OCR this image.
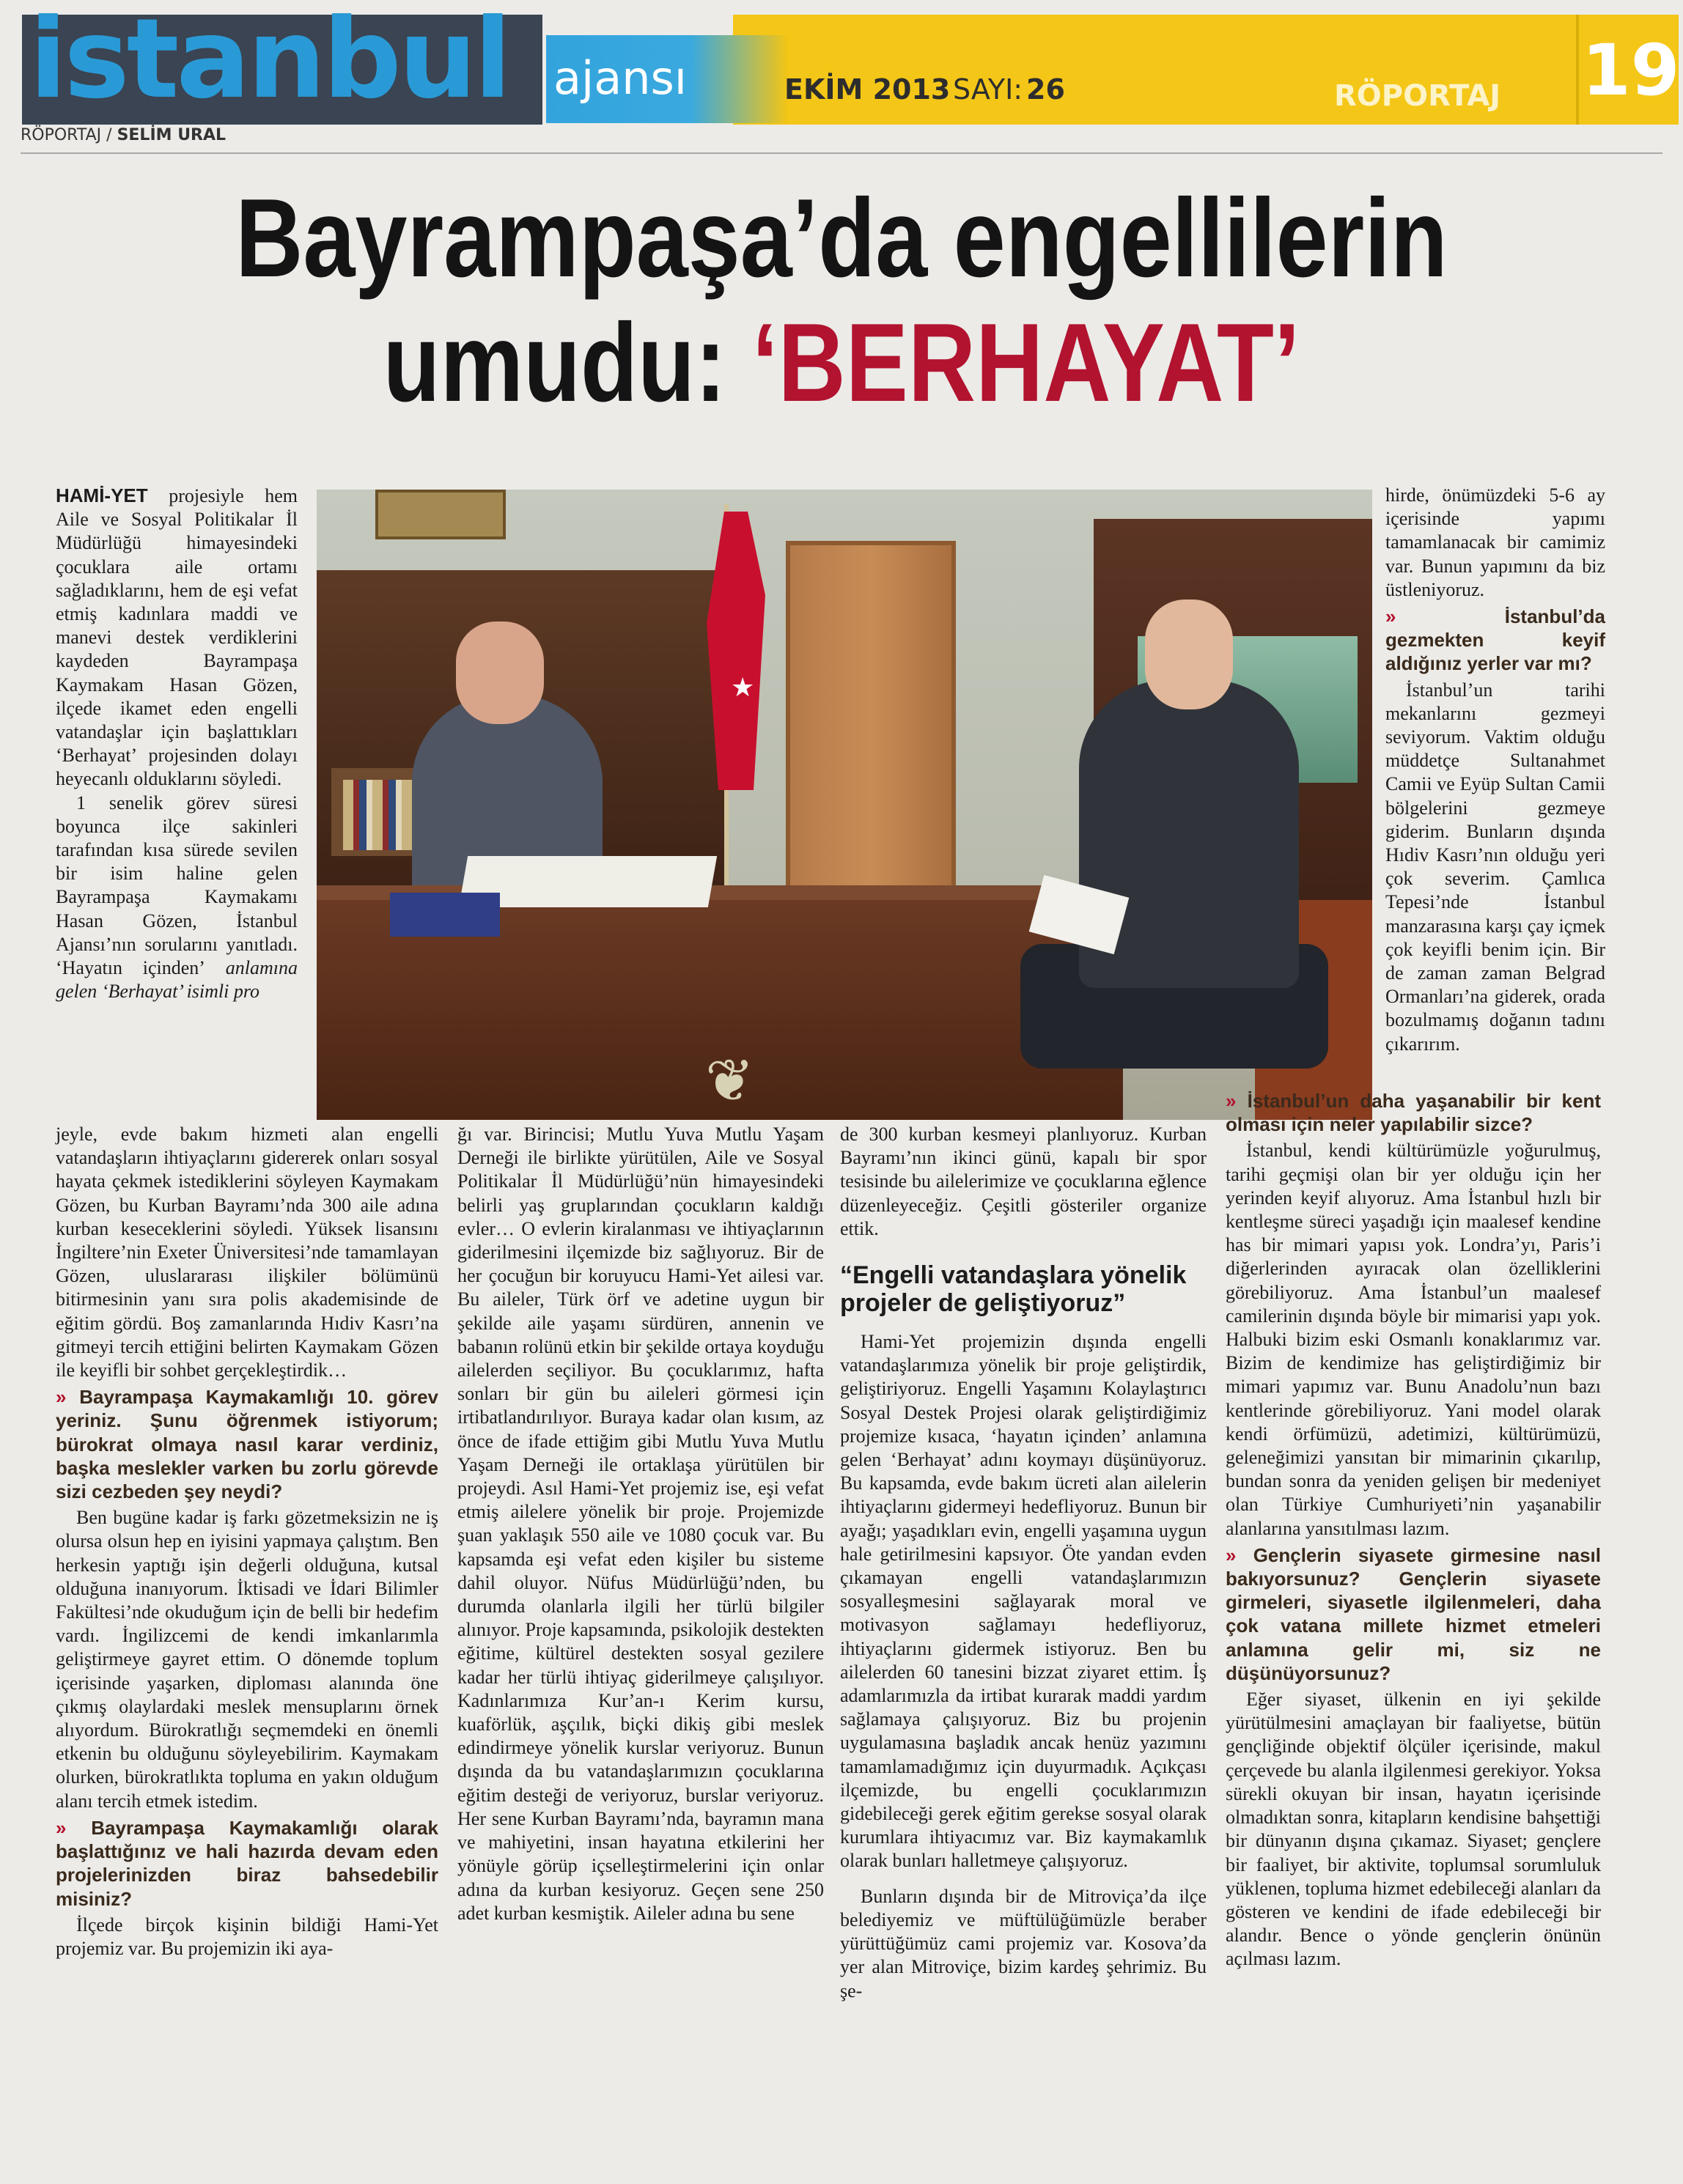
istanbul ajansı	EKİM 2013 SAYI: 26	RÖPORTAJ 19
RÖPORTAJ / SELİM URAL
Bayrampaşa’da engellilerin
umudu: ‘BERHAYAT’
★
❦

HAMİ-YET projesiyle hem Aile ve Sosyal Politikalar İl Müdürlüğü himayesindeki çocuklara aile ortamı sağladıklarını, hem de eşi vefat etmiş kadınlara maddi ve manevi destek verdiklerini kaydeden Bayrampaşa Kaymakam Hasan Gözen, ilçede ikamet eden engelli vatandaşlar için başlattıkları ‘Berhayat’ projesinden dolayı heyecanlı olduklarını söyledi.

1 senelik görev süresi boyunca ilçe sakinleri tarafından kısa sürede sevilen bir isim haline gelen Bayrampaşa Kaymakamı Hasan Gözen, İstanbul Ajansı’nın sorularını yanıtladı. ‘Hayatın içinden’ anlamına gelen ‘Berhayat’ isimli pro

jeyle, evde bakım hizmeti alan engelli vatandaşların ihtiyaçlarını gidererek onları sosyal hayata çekmek istediklerini söyleyen Kaymakam Gözen, bu Kurban Bayramı’nda 300 aile adına kurban keseceklerini söyledi. Yüksek lisansını İngiltere’nin Exeter Üniversitesi’nde tamamlayan Gözen, uluslararası ilişkiler bölümünü bitirmesinin yanı sıra polis akademisinde de eğitim gördü. Boş zamanlarında Hıdiv Kasrı’na gitmeyi tercih ettiğini belirten Kaymakam Gözen ile keyifli bir sohbet gerçekleştirdik…

» Bayrampaşa Kaymakamlığı 10. görev yeriniz. Şunu öğrenmek istiyorum; bürokrat olmaya nasıl karar verdiniz, başka meslekler varken bu zorlu görevde sizi cezbeden şey neydi?

Ben bugüne kadar iş farkı gözetmeksizin ne iş olursa olsun hep en iyisini yapmaya çalıştım. Ben herkesin yaptığı işin değerli olduğuna, kutsal olduğuna inanıyorum. İktisadi ve İdari Bilimler Fakültesi’nde okuduğum için de belli bir hedefim vardı. İngilizcemi de kendi imkanlarımla geliştirmeye gayret ettim. O dönemde toplum içerisinde yaşarken, diploması alanında öne çıkmış olaylardaki meslek mensuplarını örnek alıyordum. Bürokratlığı seçmemdeki en önemli etkenin bu olduğunu söyleyebilirim. Kaymakam olurken, bürokratlıkta topluma en yakın olduğum alanı tercih etmek istedim.

» Bayrampaşa Kaymakamlığı olarak başlattığınız ve hali hazırda devam eden projelerinizden biraz bahsedebilir misiniz?

İlçede birçok kişinin bildiği Hami-Yet projemiz var. Bu projemizin iki aya-

ğı var. Birincisi; Mutlu Yuva Mutlu Yaşam Derneği ile birlikte yürütülen, Aile ve Sosyal Politikalar İl Müdürlüğü’nün himayesindeki belirli yaş gruplarından çocukların kaldığı evler… O evlerin kiralanması ve ihtiyaçlarının giderilmesini ilçemizde biz sağlıyoruz. Bir de her çocuğun bir koruyucu Hami-Yet ailesi var. Bu aileler, Türk örf ve adetine uygun bir şekilde aile yaşamı sürdüren, annenin ve babanın rolünü etkin bir şekilde ortaya koyduğu ailelerden seçiliyor. Bu çocuklarımız, hafta sonları bir gün bu aileleri görmesi için irtibatlandırılıyor. Buraya kadar olan kısım, az önce de ifade ettiğim gibi Mutlu Yuva Mutlu Yaşam Derneği ile ortaklaşa yürütülen bir projeydi. Asıl Hami-Yet projemiz ise, eşi vefat etmiş ailelere yönelik bir proje. Projemizde şuan yaklaşık 550 aile ve 1080 çocuk var. Bu kapsamda eşi vefat eden kişiler bu sisteme dahil oluyor. Nüfus Müdürlüğü’nden, bu durumda olanlarla ilgili her türlü bilgiler alınıyor. Proje kapsamında, psikolojik destekten eğitime, kültürel destekten sosyal gezilere kadar her türlü ihtiyaç giderilmeye çalışılıyor. Kadınlarımıza Kur’an-ı Kerim kursu, kuaförlük, aşçılık, biçki dikiş gibi meslek edindirmeye yönelik kurslar veriyoruz. Bunun dışında da bu vatandaşlarımızın çocuklarına eğitim desteği de veriyoruz, burslar veriyoruz. Her sene Kurban Bayramı’nda, bayramın mana ve mahiyetini, insan hayatına etkilerini her yönüyle görüp içselleştirmelerini için onlar adına da kurban kesiyoruz. Geçen sene 250 adet kurban kesmiştik. Aileler adına bu sene

de 300 kurban kesmeyi planlıyoruz. Kurban Bayramı’nın ikinci günü, kapalı bir spor tesisinde bu ailelerimize ve çocuklarına eğlence düzenleyeceğiz. Çeşitli gösteriler organize ettik.

“Engelli vatandaşlara yönelik projeler de geliştiyoruz”

Hami-Yet projemizin dışında engelli vatandaşlarımıza yönelik bir proje geliştirdik, geliştiriyoruz. Engelli Yaşamını Kolaylaştırıcı Sosyal Destek Projesi olarak geliştirdiğimiz projemize kısaca, ‘hayatın içinden’ anlamına gelen ‘Berhayat’ adını koymayı düşünüyoruz. Bu kapsamda, evde bakım ücreti alan ailelerin ihtiyaçlarını gidermeyi hedefliyoruz. Bunun bir ayağı; yaşadıkları evin, engelli yaşamına uygun hale getirilmesini kapsıyor. Öte yandan evden çıkamayan engelli vatandaşlarımızın sosyalleşmesini sağlayarak moral ve motivasyon sağlamayı hedefliyoruz, ihtiyaçlarını gidermek istiyoruz. Ben bu ailelerden 60 tanesini bizzat ziyaret ettim. İş adamlarımızla da irtibat kurarak maddi yardım sağlamaya çalışıyoruz. Biz bu projenin uygulamasına başladık ancak henüz yazımını tamamlamadığımız için duyurmadık. Açıkçası ilçemizde, bu engelli çocuklarımızın gidebileceği gerek eğitim gerekse sosyal olarak kurumlara ihtiyacımız var. Biz kaymakamlık olarak bunları halletmeye çalışıyoruz.

Bunların dışında bir de Mitroviça’da ilçe belediyemiz ve müftülüğümüzle beraber yürüttüğümüz cami projemiz var. Kosova’da yer alan Mitroviçe, bizim kardeş şehrimiz. Bu şe-

hirde, önümüzdeki 5-6 ay içerisinde yapımı tamamlanacak bir camimiz var. Bunun yapımını da biz üstleniyoruz.

»	İstanbul’da gezmekten keyif aldığınız yerler var mı?

İstanbul’un tarihi mekanlarını gezmeyi seviyorum. Vaktim olduğu müddetçe Sultanahmet Camii ve Eyüp Sultan Camii bölgelerini gezmeye giderim. Bunların dışında Hıdiv Kasrı’nın olduğu yeri çok severim. Çamlıca Tepesi’nde İstanbul manzarasına karşı çay içmek çok keyifli benim için. Bir de zaman zaman Belgrad Ormanları’na giderek, orada bozulmamış doğanın tadını çıkarırım.

» İstanbul’un daha yaşanabilir bir kent olması için neler yapılabilir sizce?

İstanbul, kendi kültürümüzle yoğurulmuş, tarihi geçmişi olan bir yer olduğu için her yerinden keyif alıyoruz. Ama İstanbul hızlı bir kentleşme süreci yaşadığı için maalesef kendine has bir mimari yapısı yok. Londra’yı, Paris’i diğerlerinden ayıracak olan özelliklerini görebiliyoruz. Ama İstanbul’un maalesef camilerinin dışında böyle bir mimarisi yapı yok. Halbuki bizim eski Osmanlı konaklarımız var. Bizim de kendimize has geliştirdiğimiz bir mimari yapımız var. Bunu Anadolu’nun bazı kentlerinde görebiliyoruz. Yani model olarak kendi örfümüzü, adetimizi, kültürümüzü, geleneğimizi yansıtan bir mimarinin çıkarılıp, bundan sonra da yeniden gelişen bir medeniyet olan Türkiye Cumhuriyeti’nin yaşanabilir alanlarına yansıtılması lazım.

» Gençlerin siyasete girmesine nasıl bakıyorsunuz? Gençlerin siyasete girmeleri, siyasetle ilgilenmeleri, daha çok vatana millete hizmet etmeleri anlamına gelir mi, siz ne düşünüyorsunuz?

Eğer siyaset, ülkenin en iyi şekilde yürütülmesini amaçlayan bir faaliyetse, bütün gençliğinde objektif ölçüler içerisinde, makul çerçevede bu alanla ilgilenmesi gerekiyor. Yoksa sürekli okuyan bir insan, hayatın içerisinde olmadıktan sonra, kitapların kendisine bahşettiği bir dünyanın dışına çıkamaz. Siyaset; gençlere bir faaliyet, bir aktivite, toplumsal sorumluluk yüklenen, topluma hizmet edebileceği alanları da gösteren ve kendini de ifade edebileceği bir alandır. Bence o yönde gençlerin önünün açılması lazım.
